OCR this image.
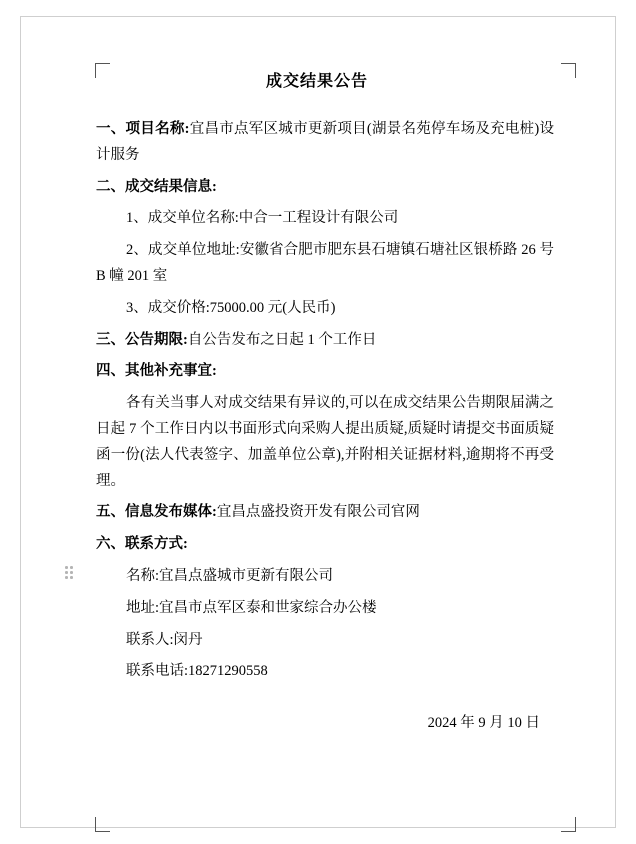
成交结果公告

一、项目名称:宜昌市点军区城市更新项目(湖景名苑停车场及充电桩)设计服务

二、成交结果信息:

1、成交单位名称:中合一工程设计有限公司

2、成交单位地址:安徽省合肥市肥东县石塘镇石塘社区银桥路 26 号 B 幢 201 室

3、成交价格:75000.00 元(人民币)

三、公告期限:自公告发布之日起 1 个工作日

四、其他补充事宜:

各有关当事人对成交结果有异议的,可以在成交结果公告期限届满之日起 7 个工作日内以书面形式向采购人提出质疑,质疑时请提交书面质疑函一份(法人代表签字、加盖单位公章),并附相关证据材料,逾期将不再受理。

五、信息发布媒体:宜昌点盛投资开发有限公司官网

六、联系方式:

名称:宜昌点盛城市更新有限公司

地址:宜昌市点军区泰和世家综合办公楼

联系人:闵丹

联系电话:18271290558

2024 年 9 月 10 日
